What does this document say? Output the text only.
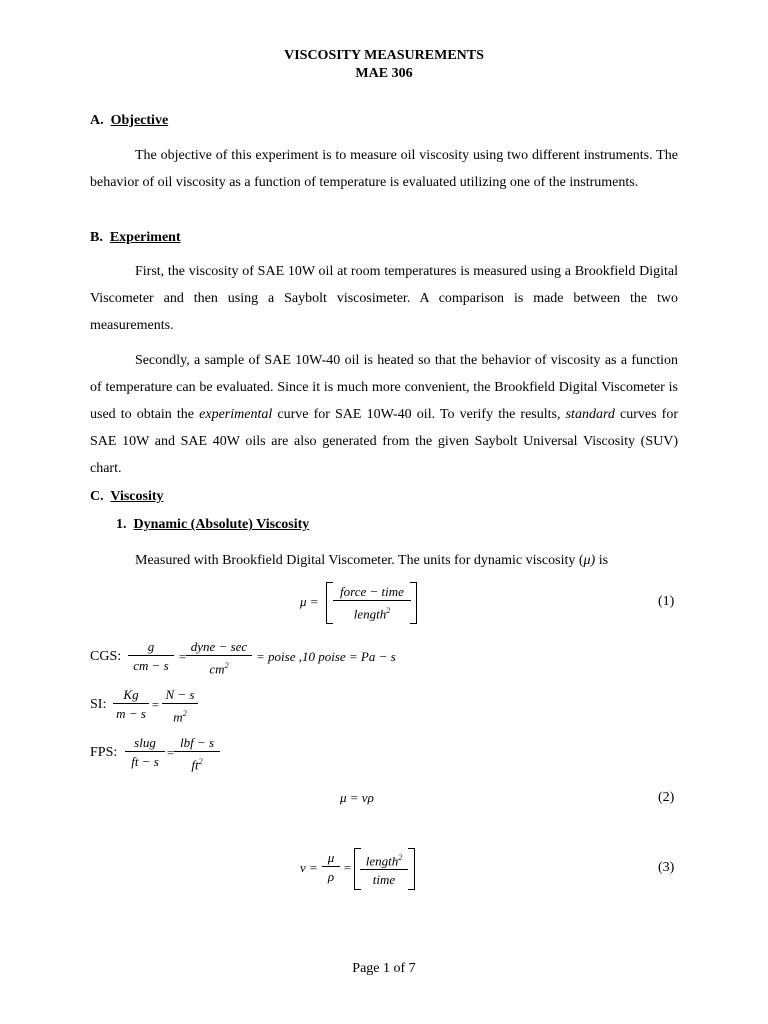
VISCOSITY MEASUREMENTS
MAE 306
A. Objective
The objective of this experiment is to measure oil viscosity using two different instruments. The behavior of oil viscosity as a function of temperature is evaluated utilizing one of the instruments.
B. Experiment
First, the viscosity of SAE 10W oil at room temperatures is measured using a Brookfield Digital Viscometer and then using a Saybolt viscosimeter. A comparison is made between the two measurements.
Secondly, a sample of SAE 10W-40 oil is heated so that the behavior of viscosity as a function of temperature can be evaluated. Since it is much more convenient, the Brookfield Digital Viscometer is used to obtain the experimental curve for SAE 10W-40 oil. To verify the results, standard curves for SAE 10W and SAE 40W oils are also generated from the given Saybolt Universal Viscosity (SUV) chart.
C. Viscosity
1. Dynamic (Absolute) Viscosity
Measured with Brookfield Digital Viscometer. The units for dynamic viscosity (μ) is
μ =
force − time
length$^2$
(1)
CGS: $\frac{g}{cm - s}$ =
dyne − sec
$cm^2$
= poise ,10 poise = Pa − s
SI: $\frac{Kg}{m - s} = \frac{N - s}{m^2}$
FPS:
slug
ft − s
=
lbf − s
$ft^2$
μ = νρ	(2)
$\nu = \frac{\mu}{\rho}$ =	length$^2$
time
(3)
Page 1 of 7
